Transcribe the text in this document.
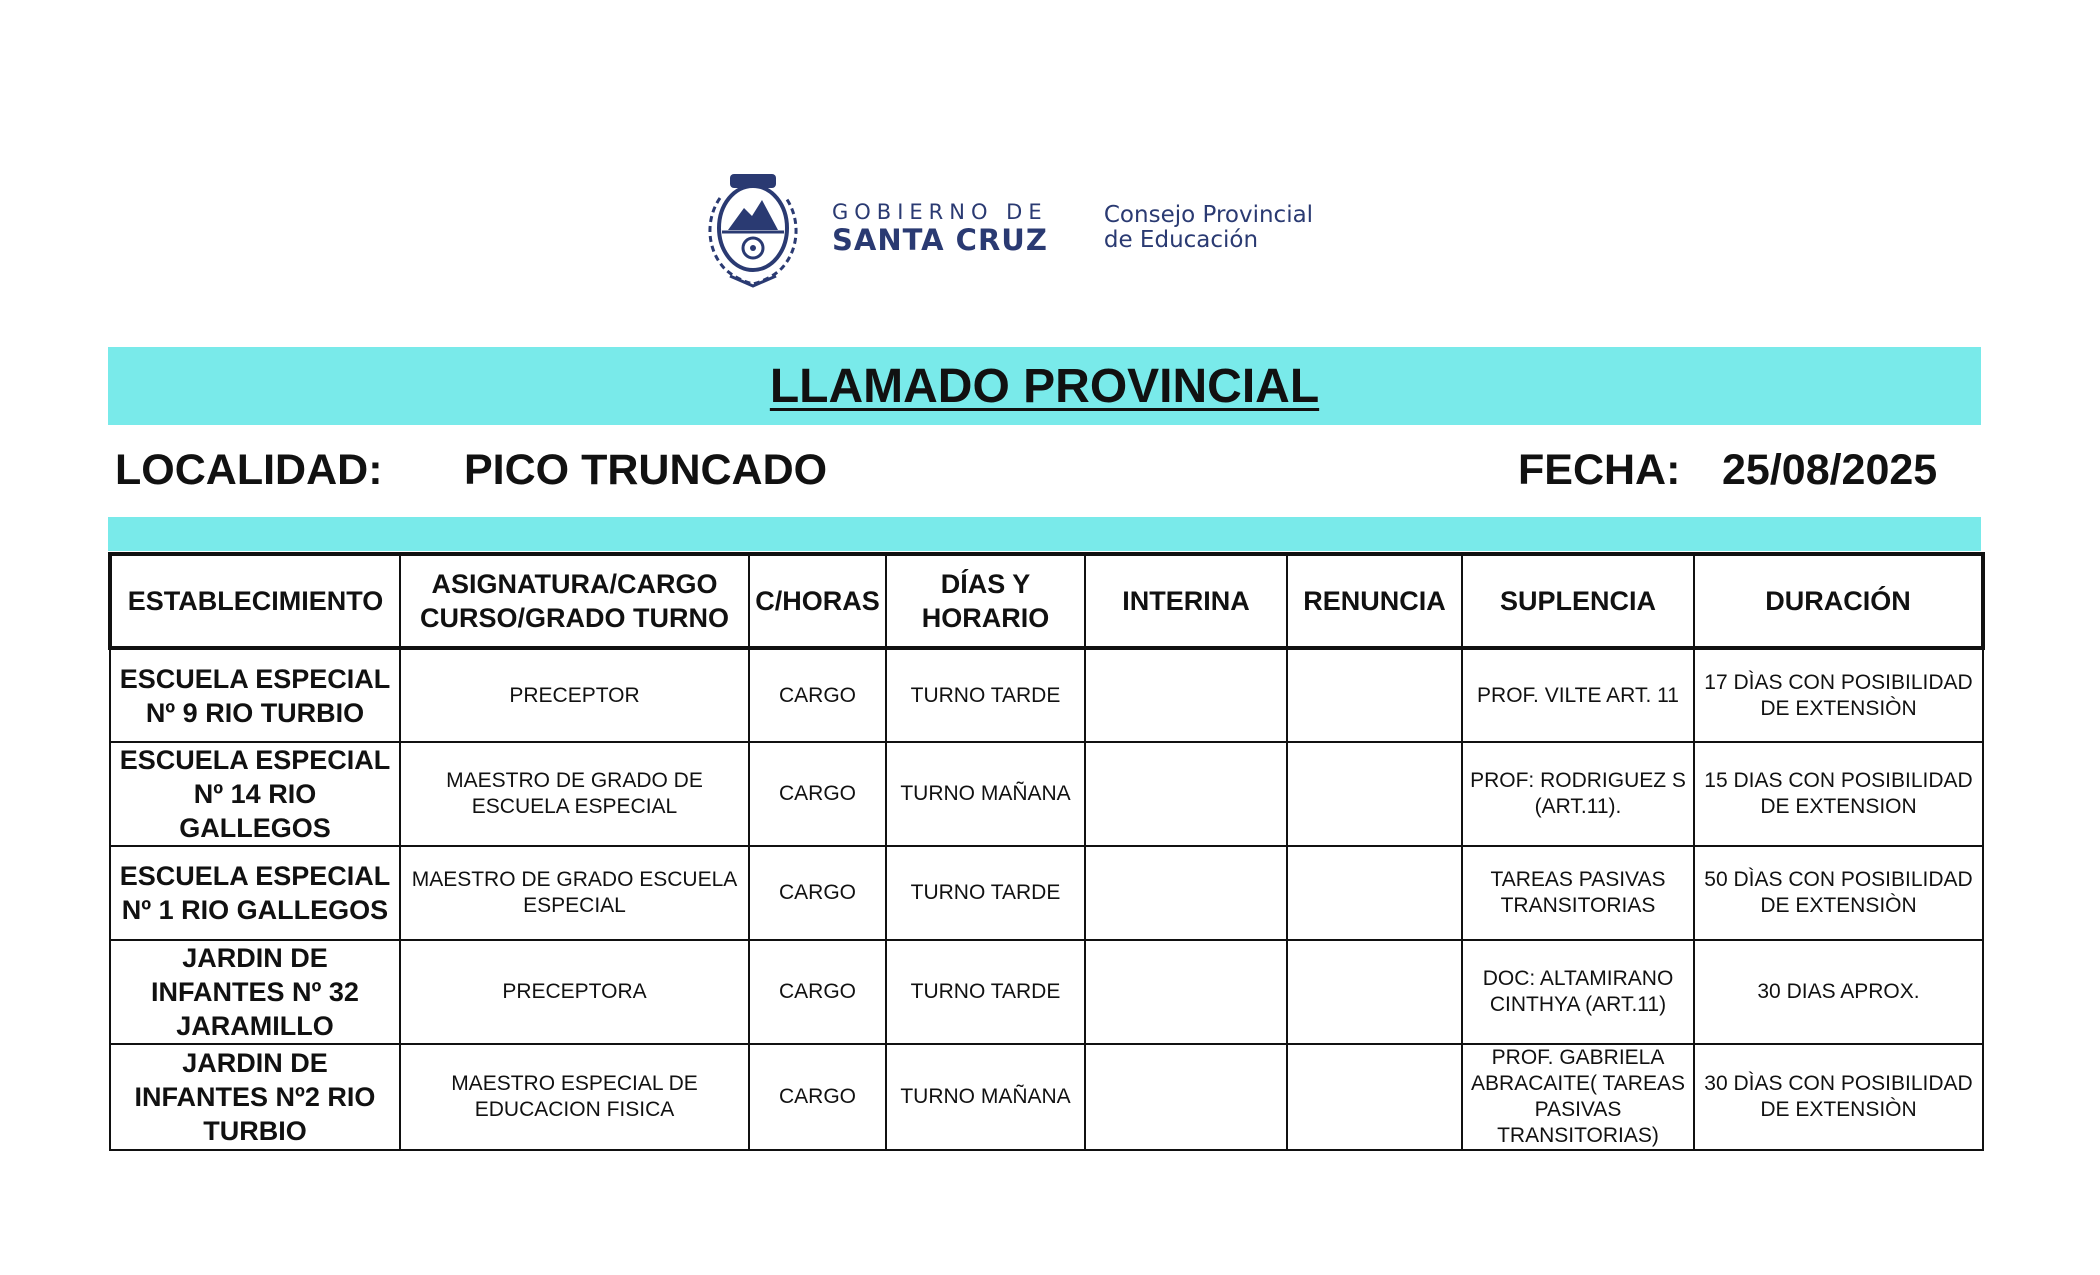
GOBIERNO DE
SANTA CRUZ
Consejo Provincial
de Educación
LLAMADO PROVINCIAL
LOCALIDAD: PICO TRUNCADO	FECHA: 25/08/2025
ESTABLECIMIENTO	ASIGNATURA/CARGO CURSO/GRADO TURNO	C/HORAS	DÍAS Y HORARIO	INTERINA	RENUNCIA	SUPLENCIA	DURACIÓN
ESCUELA ESPECIAL Nº 9 RIO TURBIO	PRECEPTOR	CARGO	TURNO TARDE			PROF. VILTE ART. 11	17 DÌAS CON POSIBILIDAD DE EXTENSIÒN
ESCUELA ESPECIAL Nº 14 RIO GALLEGOS	MAESTRO DE GRADO DE ESCUELA ESPECIAL	CARGO	TURNO MAÑANA			PROF: RODRIGUEZ S (ART.11).	15 DIAS CON POSIBILIDAD DE EXTENSION
ESCUELA ESPECIAL Nº 1 RIO GALLEGOS	MAESTRO DE GRADO ESCUELA ESPECIAL	CARGO	TURNO TARDE			TAREAS PASIVAS TRANSITORIAS	50 DÌAS CON POSIBILIDAD DE EXTENSIÒN
JARDIN DE INFANTES Nº 32 JARAMILLO	PRECEPTORA	CARGO	TURNO TARDE			DOC: ALTAMIRANO CINTHYA (ART.11)	30 DIAS APROX.
JARDIN DE INFANTES Nº2 RIO TURBIO	MAESTRO ESPECIAL DE EDUCACION FISICA	CARGO	TURNO MAÑANA			PROF. GABRIELA ABRACAITE( TAREAS PASIVAS TRANSITORIAS)	30 DÌAS CON POSIBILIDAD DE EXTENSIÒN
